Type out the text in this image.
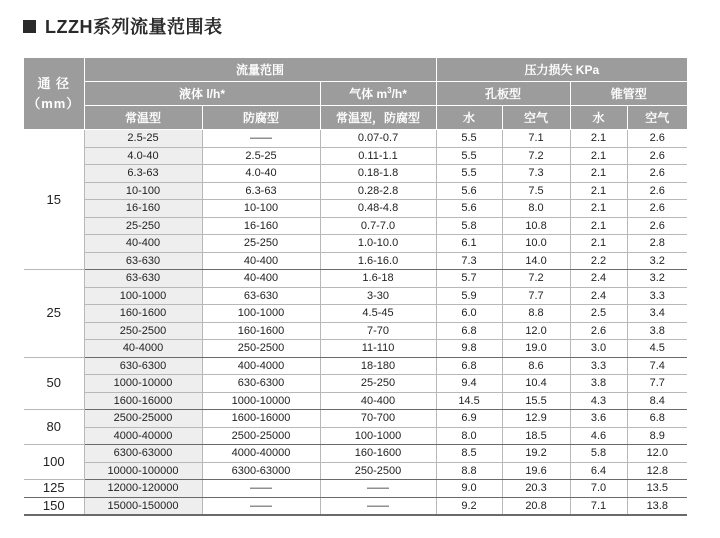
LZZH系列流量范围表
通 径
（mm）	流量范围			压力损失 KPa			
	液体 l/h*		气体 $m^3/h*$	孔板型		锥管型	
	常温型	防腐型	常温型，防腐型	水	空气	水	空气
15	2.5-25	——	0.07-0.7	5.5	7.1	2.1	2.6
	4.0-40	2.5-25	0.11-1.1	5.5	7.2	2.1	2.6
	6.3-63	4.0-40	0.18-1.8	5.5	7.3	2.1	2.6
	10-100	6.3-63	0.28-2.8	5.6	7.5	2.1	2.6
	16-160	10-100	0.48-4.8	5.6	8.0	2.1	2.6
	25-250	16-160	0.7-7.0	5.8	10.8	2.1	2.6
	40-400	25-250	1.0-10.0	6.1	10.0	2.1	2.8
	63-630	40-400	1.6-16.0	7.3	14.0	2.2	3.2
25	63-630	40-400	1.6-18	5.7	7.2	2.4	3.2
	100-1000	63-630	3-30	5.9	7.7	2.4	3.3
	160-1600	100-1000	4.5-45	6.0	8.8	2.5	3.4
	250-2500	160-1600	7-70	6.8	12.0	2.6	3.8
	40-4000	250-2500	11-110	9.8	19.0	3.0	4.5
50	630-6300	400-4000	18-180	6.8	8.6	3.3	7.4
	1000-10000	630-6300	25-250	9.4	10.4	3.8	7.7
	1600-16000	1000-10000	40-400	14.5	15.5	4.3	8.4
80	2500-25000	1600-16000	70-700	6.9	12.9	3.6	6.8
	4000-40000	2500-25000	100-1000	8.0	18.5	4.6	8.9
100	6300-63000	4000-40000	160-1600	8.5	19.2	5.8	12.0
	10000-100000	6300-63000	250-2500	8.8	19.6	6.4	12.8
125	12000-120000	——	——	9.0	20.3	7.0	13.5
150	15000-150000	——	——	9.2	20.8	7.1	13.8
